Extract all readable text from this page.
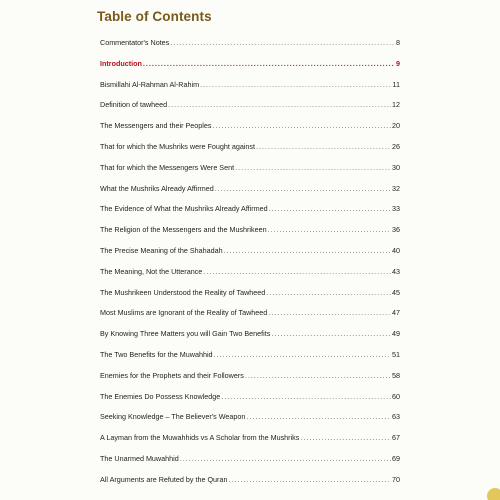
Table of Contents
Commentator's Notes .....	8
Introduction .....	9
Bismillahi Al-Rahman Al-Rahim .....	11
Definition of tawheed .....	12
The Messengers and their Peoples .....	20
That for which the Mushriks were Fought against .....	26
That for which the Messengers Were Sent .....	30
What the Mushriks Already Affirmed .....	32
The Evidence of What the Mushriks Already Affirmed .....	33
The Religion of the Messengers and the Mushrikeen .....	36
The Precise Meaning of the Shahadah .....	40
The Meaning, Not the Utterance .....	43
The Mushrikeen Understood the Reality of Tawheed .....	45
Most Muslims are Ignorant of the Reality of Tawheed .....	47
By Knowing Three Matters you will Gain Two Benefits .....	49
The Two Benefits for the Muwahhid .....	51
Enemies for the Prophets and their Followers .....	58
The Enemies Do Possess Knowledge .....	60
Seeking Knowledge – The Believer's Weapon .....	63
A Layman from the Muwahhids vs A Scholar from the Mushriks .....	67
The Unarmed Muwahhid .....	69
All Arguments are Refuted by the Quran .....	70
